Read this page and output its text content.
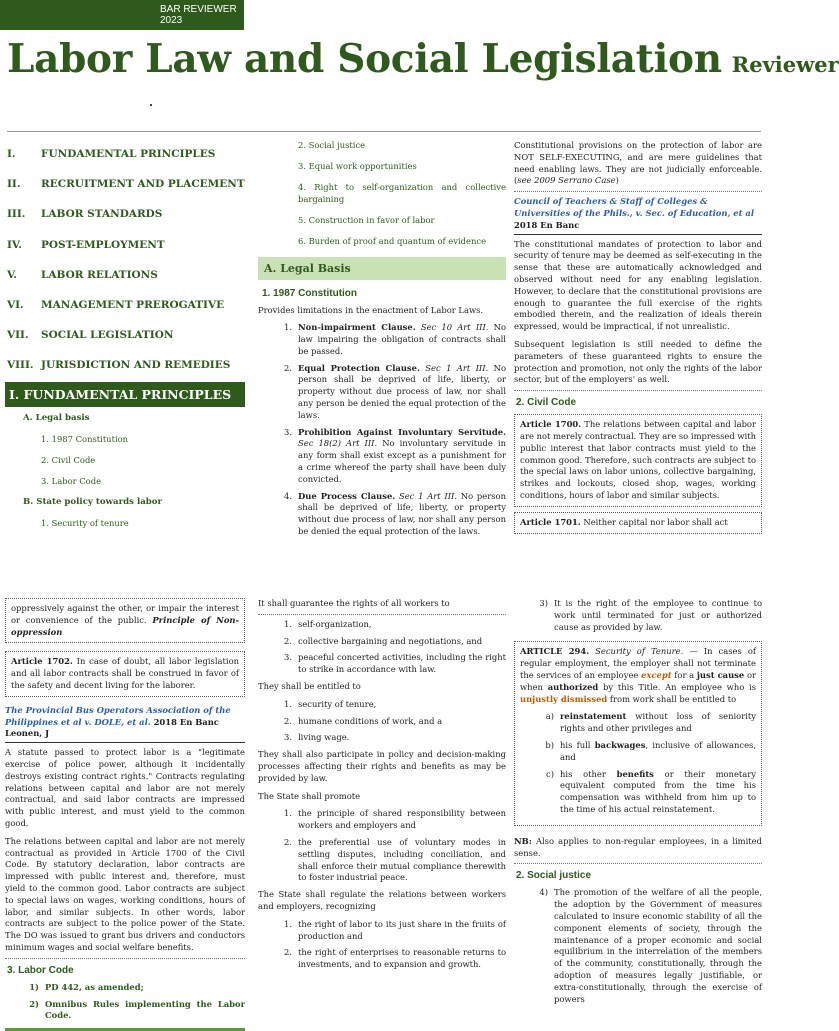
BAR REVIEWER 2023
Labor Law and Social Legislation Reviewer
I.	FUNDAMENTAL PRINCIPLES
II.	RECRUITMENT AND PLACEMENT
III.	LABOR STANDARDS
IV.	POST-EMPLOYMENT
V.	LABOR RELATIONS
VI.	MANAGEMENT PREROGATIVE
VII.	SOCIAL LEGISLATION
VIII. JURISDICTION AND REMEDIES
I. FUNDAMENTAL PRINCIPLES
A. Legal basis
1. 1987 Constitution
2. Civil Code
3. Labor Code
B. State policy towards labor
1. Security of tenure
2. Social justice
3. Equal work opportunities
4. Right to self-organization and collective bargaining
5. Construction in favor of labor
6. Burden of proof and quantum of evidence
A. Legal Basis
1. 1987 Constitution

Provides limitations in the enactment of Labor Laws.

1. Non-impairment Clause. Sec 10 Art III. No law impairing the obligation of contracts shall be passed.
2. Equal Protection Clause. Sec 1 Art III. No person shall be deprived of life, liberty, or property without due process of law, nor shall any person be denied the equal protection of the laws.
3. Prohibition Against Involuntary Servitude. Sec 18(2) Art III. No involuntary servitude in any form shall exist except as a punishment for a crime whereof the party shall have been duly convicted.
4. Due Process Clause. Sec 1 Art III. No person shall be deprived of life, liberty, or property without due process of law, nor shall any person be denied the equal protection of the laws.

Constitutional provisions on the protection of labor are NOT SELF-EXECUTING, and are mere guidelines that need enabling laws. They are not judicially enforceable. (see 2009 Serrano Case)

Council of Teachers & Staff of Colleges & Universities of the Phils., v. Sec. of Education, et al 2018 En Banc

The constitutional mandates of protection to labor and security of tenure may be deemed as self-executing in the sense that these are automatically acknowledged and observed without need for any enabling legislation. However, to declare that the constitutional provisions are enough to guarantee the full exercise of the rights embodied therein, and the realization of ideals therein expressed, would be impractical, if not unrealistic.

Subsequent legislation is still needed to define the parameters of these guaranteed rights to ensure the protection and promotion, not only the rights of the labor sector, but of the employers' as well.

2. Civil Code
Article 1700. The relations between capital and labor are not merely contractual. They are so impressed with public interest that labor contracts must yield to the common good. Therefore, such contracts are subject to the special laws on labor unions, collective bargaining, strikes and lockouts, closed shop, wages, working conditions, hours of labor and similar subjects.
Article 1701. Neither capital nor labor shall act
oppressively against the other, or impair the interest or convenience of the public. Principle of Non-oppression
Article 1702. In case of doubt, all labor legislation and all labor contracts shall be construed in favor of the safety and decent living for the laborer.
The Provincial Bus Operators Association of the Philippines et al v. DOLE, et al. 2018 En Banc Leonen, J

A statute passed to protect labor is a "legitimate exercise of police power, although it incidentally destroys existing contract rights." Contracts regulating relations between capital and labor are not merely contractual, and said labor contracts are impressed with public interest, and must yield to the common good.

The relations between capital and labor are not merely contractual as provided in Article 1700 of the Civil Code. By statutory declaration, labor contracts are impressed with public interest and, therefore, must yield to the common good. Labor contracts are subject to special laws on wages, working conditions, hours of labor, and similar subjects. In other words, labor contracts are subject to the police power of the State. The DO was issued to grant bus drivers and conductors minimum wages and social welfare benefits.

3. Labor Code
1) PD 442, as amended;
2) Omnibus Rules implementing the Labor Code.

It shall guarantee the rights of all workers to

1. self-organization,
2. collective bargaining and negotiations, and
3. peaceful concerted activities, including the right to strike in accordance with law.

They shall be entitled to

1. security of tenure,
2. humane conditions of work, and a
3. living wage.

They shall also participate in policy and decision-making processes affecting their rights and benefits as may be provided by law.

The State shall promote

1. the principle of shared responsibility between workers and employers and
2. the preferential use of voluntary modes in settling disputes, including conciliation, and shall enforce their mutual compliance therewith to foster industrial peace.

The State shall regulate the relations between workers and employers, recognizing

1. the right of labor to its just share in the fruits of production and
2. the right of enterprises to reasonable returns to investments, and to expansion and growth.
3) It is the right of the employee to continue to work until terminated for just or authorized cause as provided by law.

ARTICLE 294. Security of Tenure. — In cases of regular employment, the employer shall not terminate the services of an employee except for a just cause or when authorized by this Title. An employee who is unjustly dismissed from work shall be entitled to

a) reinstatement without loss of seniority rights and other privileges and
b) his full backwages, inclusive of allowances, and
c) his other benefits or their monetary equivalent computed from the time his compensation was withheld from him up to the time of his actual reinstatement.

NB: Also applies to non-regular employees, in a limited sense.

2. Social justice
4) The promotion of the welfare of all the people, the adoption by the Government of measures calculated to insure economic stability of all the component elements of society, through the maintenance of a proper economic and social equilibrium in the interrelation of the members of the community, constitutionally, through the adoption of measures legally justifiable, or extra-constitutionally, through the exercise of powers
